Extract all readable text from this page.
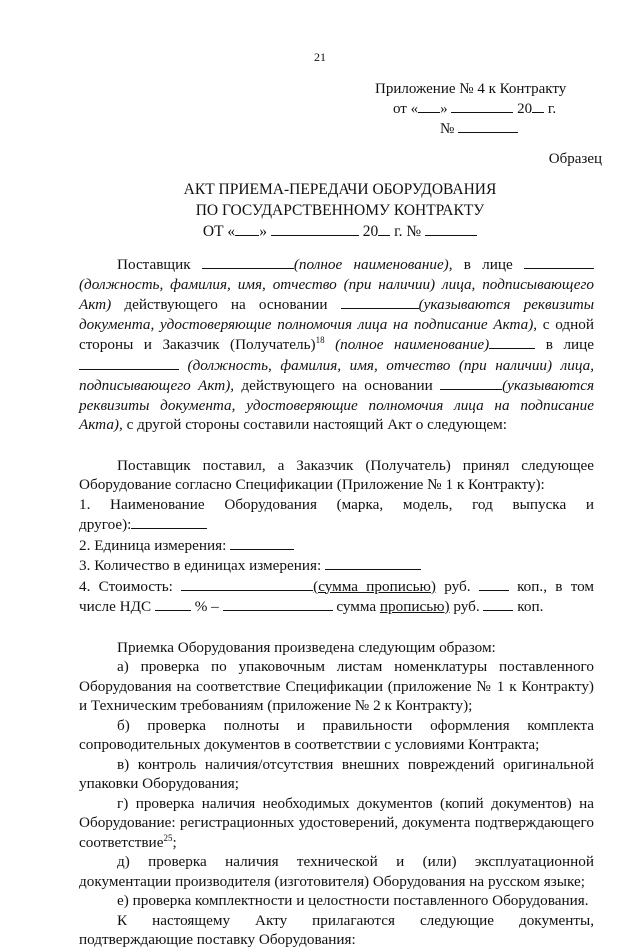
21
Приложение № 4 к Контракту
от « »	20 г.
№
Образец
АКТ ПРИЕМА-ПЕРЕДАЧИ ОБОРУДОВАНИЯ
ПО ГОСУДАРСТВЕННОМУ КОНТРАКТУ
ОТ « »	20 г. №

Поставщик	(полное наименование), в лице  (должность, фамилия, имя, отчество (при наличии) лица, подписывающего Акт) действующего на основании	(указываются реквизиты документа, удостоверяющие полномочия лица на подписание Акта), с одной стороны и Заказчик (Получатель)$^{18}$ (полное наименование)	в лице  (должность, фамилия, имя, отчество (при наличии) лица, подписывающего Акт), действующего на основании	(указываются реквизиты документа, удостоверяющие полномочия лица на подписание Акта), с другой стороны составили настоящий Акт о следующем:

Поставщик поставил, а Заказчик (Получатель) принял следующее Оборудование согласно Спецификации (Приложение № 1 к Контракту):

1. Наименование Оборудования (марка, модель, год выпуска и

другое):

2. Единица измерения:

3. Количество в единицах измерения:

4. Стоимость:	(сумма прописью) руб.	коп., в том

числе НДС	% –	сумма прописью) руб. коп.

Приемка Оборудования произведена следующим образом:

а) проверка по упаковочным листам номенклатуры поставленного Оборудования на соответствие Спецификации (приложение № 1 к Контракту) и Техническим требованиям (приложение № 2 к Контракту);

б) проверка полноты и правильности оформления комплекта сопроводительных документов в соответствии с условиями Контракта;

в) контроль наличия/отсутствия внешних повреждений оригинальной упаковки Оборудования;

г) проверка наличия необходимых документов (копий документов) на Оборудование: регистрационных удостоверений, документа подтверждающего соответствие$^{25}$;

д) проверка наличия технической и (или) эксплуатационной документации производителя (изготовителя) Оборудования на русском языке;

е) проверка комплектности и целостности поставленного Оборудования.

К настоящему Акту прилагаются следующие документы, подтверждающие поставку Оборудования:
